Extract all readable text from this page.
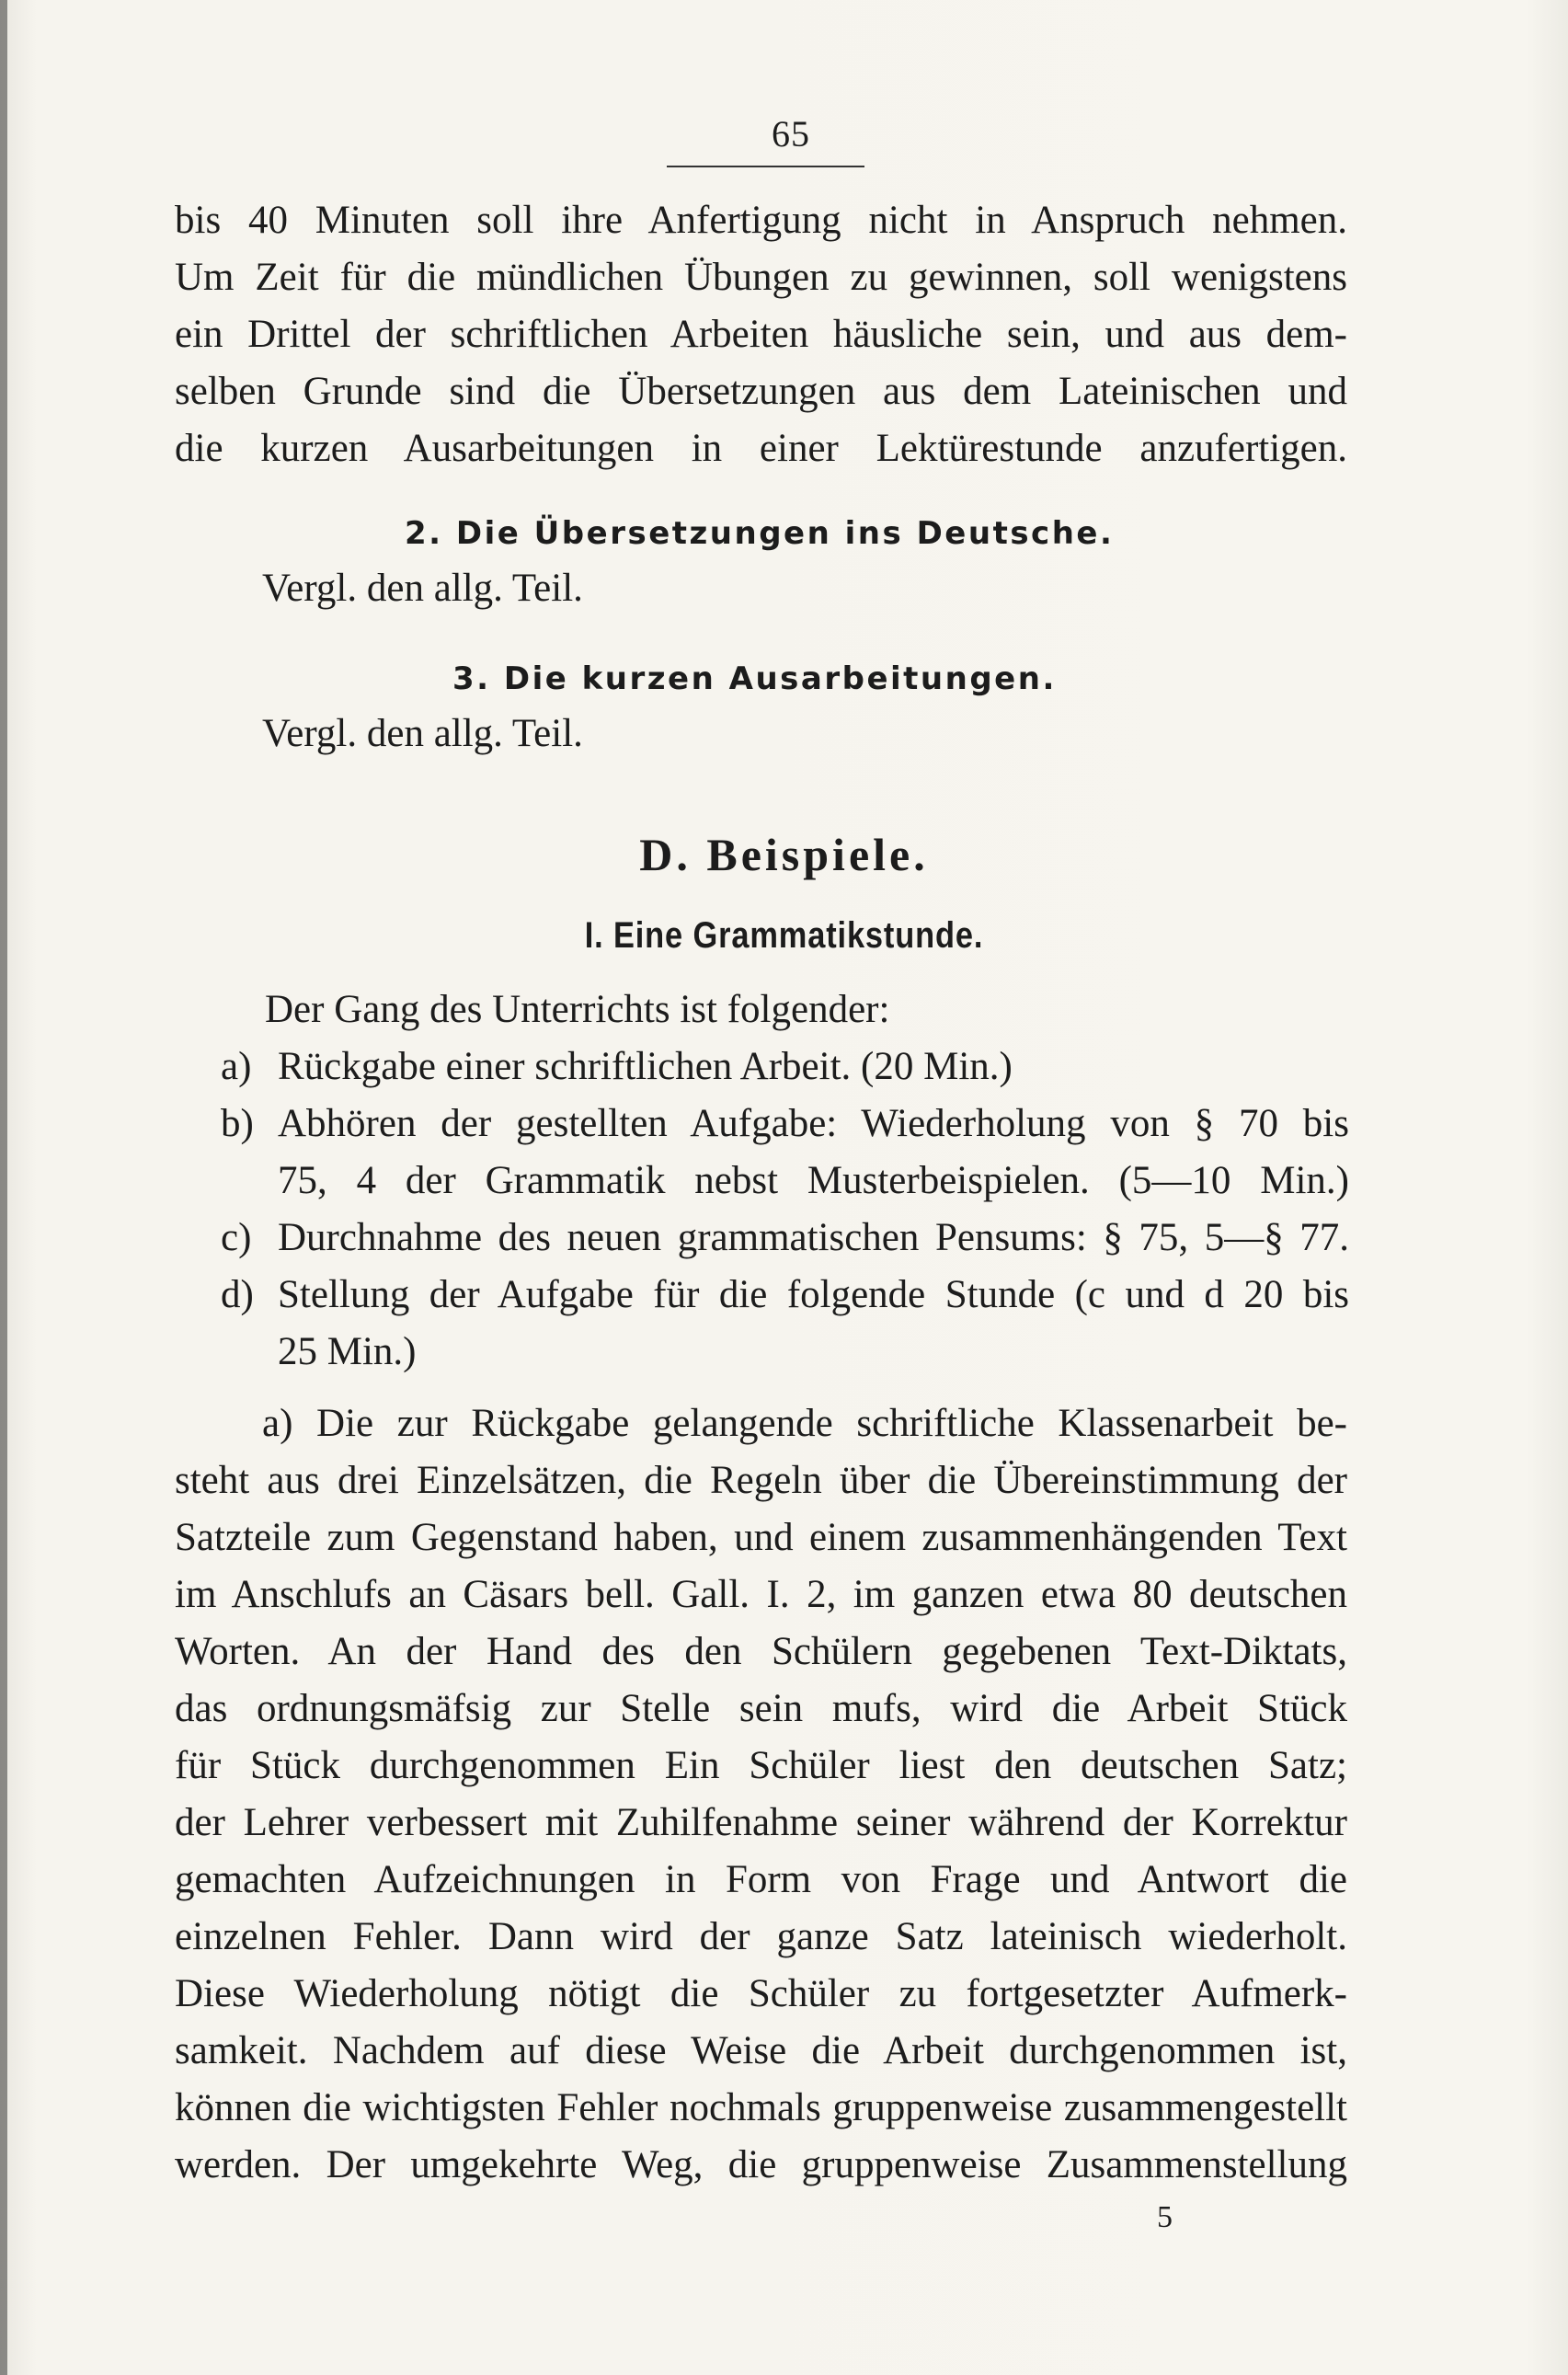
65
bis 40 Minuten soll ihre Anfertigung nicht in Anspruch nehmen.
Um Zeit für die mündlichen Übungen zu gewinnen, soll wenigstens
ein Drittel der schriftlichen Arbeiten häusliche sein, und aus dem-
selben Grunde sind die Übersetzungen aus dem Lateinischen und
die kurzen Ausarbeitungen in einer Lektürestunde anzufertigen.
2. Die Übersetzungen ins Deutsche.
Vergl. den allg. Teil.
3. Die kurzen Ausarbeitungen.
Vergl. den allg. Teil.
D. Beispiele.
I. Eine Grammatikstunde.
Der Gang des Unterrichts ist folgender:
a) Rückgabe einer schriftlichen Arbeit. (20 Min.)
b) Abhören der gestellten Aufgabe: Wiederholung von § 70 bis
75, 4 der Grammatik nebst Musterbeispielen. (5—10 Min.)
c) Durchnahme des neuen grammatischen Pensums: § 75, 5—§ 77.
d) Stellung der Aufgabe für die folgende Stunde (c und d 20 bis
25 Min.)
a) Die zur Rückgabe gelangende schriftliche Klassenarbeit be-
steht aus drei Einzelsätzen, die Regeln über die Übereinstimmung der
Satzteile zum Gegenstand haben, und einem zusammenhängenden Text
im Anschlufs an Cäsars bell. Gall. I. 2, im ganzen etwa 80 deutschen
Worten. An der Hand des den Schülern gegebenen Text-Diktats,
das ordnungsmäfsig zur Stelle sein mufs, wird die Arbeit Stück
für Stück durchgenommen Ein Schüler liest den deutschen Satz;
der Lehrer verbessert mit Zuhilfenahme seiner während der Korrektur
gemachten Aufzeichnungen in Form von Frage und Antwort die
einzelnen Fehler. Dann wird der ganze Satz lateinisch wiederholt.
Diese Wiederholung nötigt die Schüler zu fortgesetzter Aufmerk-
samkeit. Nachdem auf diese Weise die Arbeit durchgenommen ist,
können die wichtigsten Fehler nochmals gruppenweise zusammengestellt
werden. Der umgekehrte Weg, die gruppenweise Zusammenstellung
5
